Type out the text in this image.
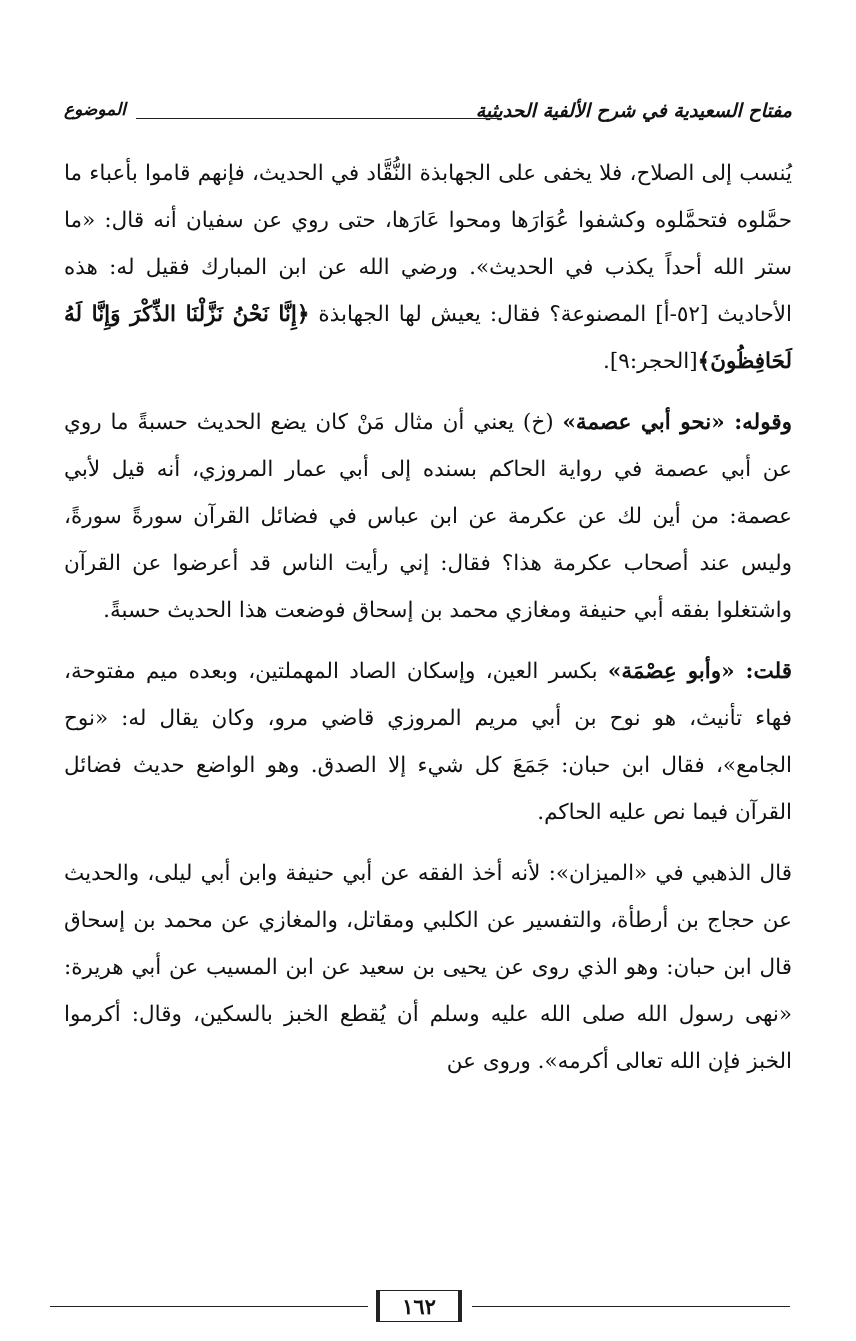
مفتاح السعيدية في شرح الألفية الحديثية
الموضوع

يُنسب إلى الصلاح، فلا يخفى على الجهابذة النُّقَّاد في الحديث، فإنهم قاموا بأعباء ما حمَّلوه فتحمَّلوه وكشفوا عُوَارَها ومحوا عَارَها، حتى روي عن سفيان أنه قال: «ما ستر الله أحداً يكذب في الحديث». ورضي الله عن ابن المبارك فقيل له: هذه الأحاديث [٥٢-أ] المصنوعة؟ فقال: يعيش لها الجهابذة ﴿إِنَّا نَحْنُ نَزَّلْنَا الذِّكْرَ وَإِنَّا لَهُ لَحَافِظُونَ﴾[الحجر:٩].

وقوله: «نحو أبي عصمة» (خ) يعني أن مثال مَنْ كان يضع الحديث حسبةً ما روي عن أبي عصمة في رواية الحاكم بسنده إلى أبي عمار المروزي، أنه قيل لأبي عصمة: من أين لك عن عكرمة عن ابن عباس في فضائل القرآن سورةً سورةً، وليس عند أصحاب عكرمة هذا؟ فقال: إني رأيت الناس قد أعرضوا عن القرآن واشتغلوا بفقه أبي حنيفة ومغازي محمد بن إسحاق فوضعت هذا الحديث حسبةً.

قلت: «وأبو عِصْمَة» بكسر العين، وإسكان الصاد المهملتين، وبعده ميم مفتوحة، فهاء تأنيث، هو نوح بن أبي مريم المروزي قاضي مرو، وكان يقال له: «نوح الجامع»، فقال ابن حبان: جَمَعَ كل شيء إلا الصدق. وهو الواضع حديث فضائل القرآن فيما نص عليه الحاكم.

قال الذهبي في «الميزان»: لأنه أخذ الفقه عن أبي حنيفة وابن أبي ليلى، والحديث عن حجاج بن أرطأة، والتفسير عن الكلبي ومقاتل، والمغازي عن محمد بن إسحاق قال ابن حبان: وهو الذي روى عن يحيى بن سعيد عن ابن المسيب عن أبي هريرة: «نهى رسول الله صلى الله عليه وسلم أن يُقطع الخبز بالسكين، وقال: أكرموا الخبز فإن الله تعالى أكرمه». وروى عن

١٦٢
